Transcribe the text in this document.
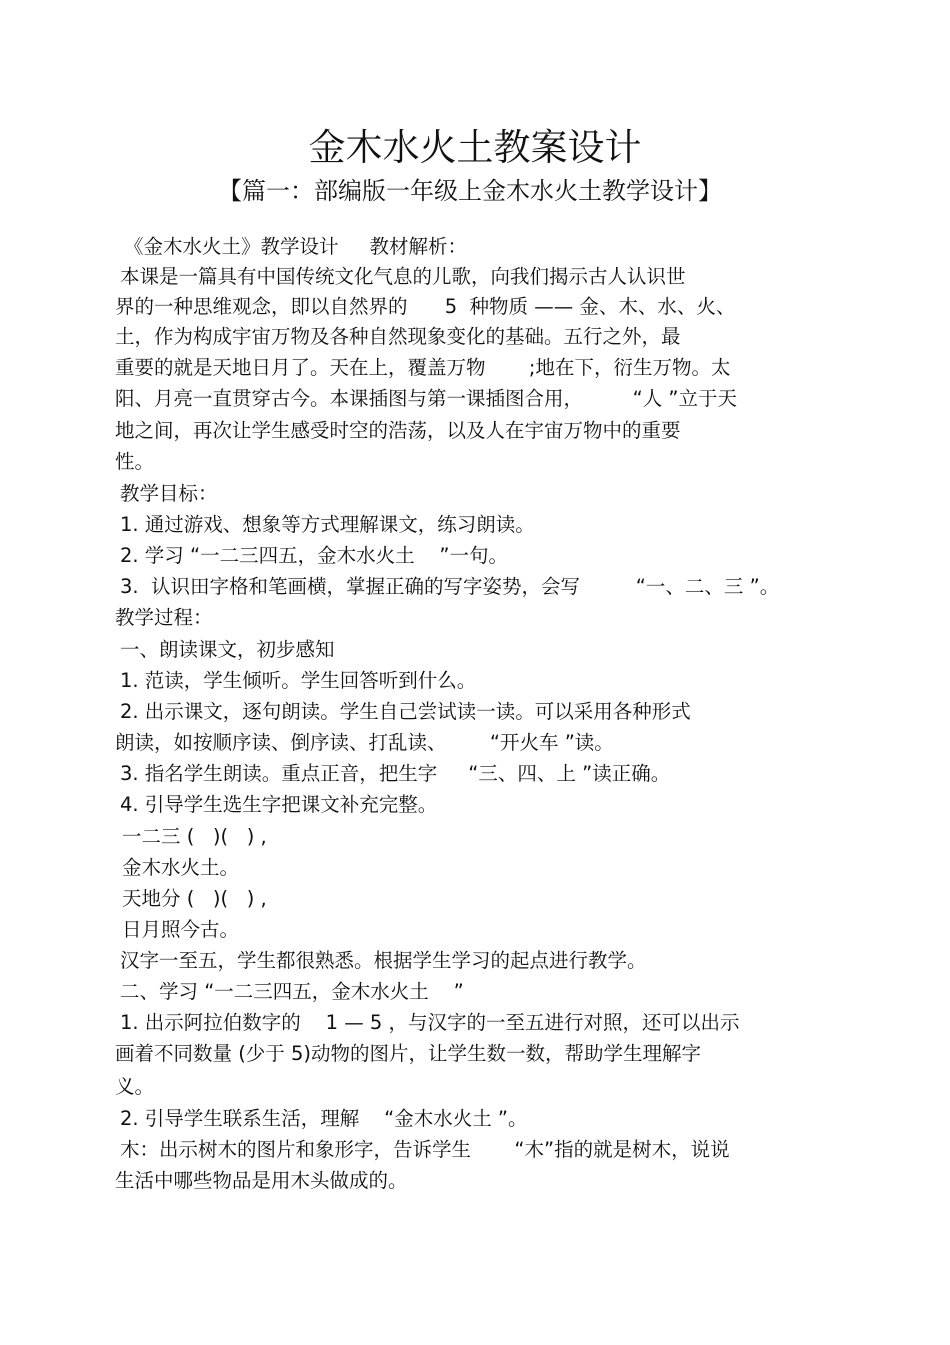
金木水火土教案设计
【篇一：部编版一年级上金木水火土教学设计】
《金木水火土》教学设计     教材解析：
本课是一篇具有中国传统文化气息的儿歌，向我们揭示古人认识世
界的一种思维观念，即以自然界的      5  种物质 —— 金、木、水、火、
土，作为构成宇宙万物及各种自然现象变化的基础。五行之外，最
重要的就是天地日月了。天在上，覆盖万物       ;地在下，衍生万物。太
阳、月亮一直贯穿古今。本课插图与第一课插图合用，        “人 ”立于天
地之间，再次让学生感受时空的浩荡，以及人在宇宙万物中的重要
性。
教学目标：
1. 通过游戏、想象等方式理解课文，练习朗读。
2. 学习 “一二三四五，金木水火土    ”一句。
3.  认识田字格和笔画横，掌握正确的写字姿势，会写         “一、二、三 ”。
教学过程：
一、朗读课文，初步感知
1. 范读，学生倾听。学生回答听到什么。
2. 出示课文，逐句朗读。学生自己尝试读一读。可以采用各种形式
朗读，如按顺序读、倒序读、打乱读、       “开火车 ”读。
3. 指名学生朗读。重点正音，把生字     “三、四、上 ”读正确。
4. 引导学生选生字把课文补充完整。
一二三 (   )(   ) ,
金木水火土。
天地分 (   )(   ) ,
日月照今古。
汉字一至五，学生都很熟悉。根据学生学习的起点进行教学。
二、学习 “一二三四五，金木水火土    ”
1. 出示阿拉伯数字的    1 — 5 ，与汉字的一至五进行对照，还可以出示
画着不同数量 (少于 5)动物的图片，让学生数一数，帮助学生理解字
义。
2. 引导学生联系生活，理解    “金木水火土 ”。
木：出示树木的图片和象形字，告诉学生       “木”指的就是树木，说说
生活中哪些物品是用木头做成的。
